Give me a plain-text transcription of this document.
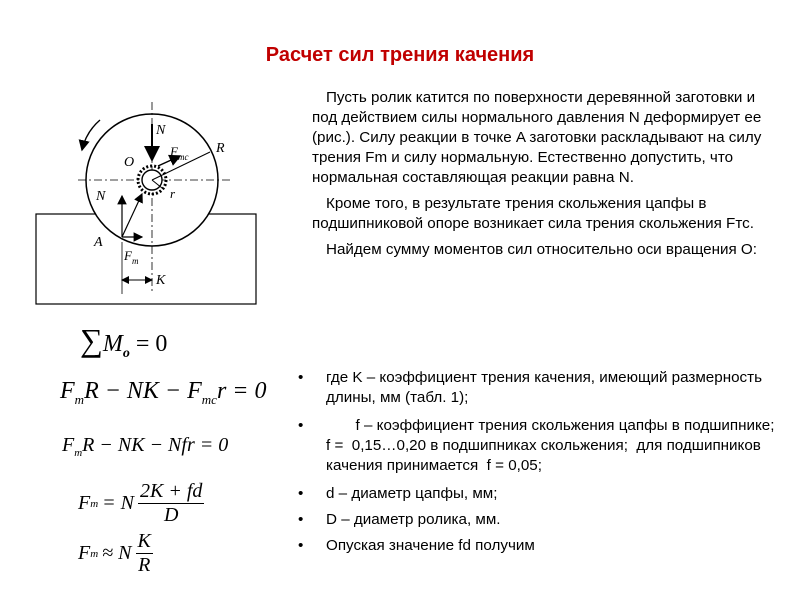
Расчет сил трения качения
N
F mc
R
O
r
N
A
F m
K
$\sum M_o = 0$
$F_mR$ − NK − $F_{mc}r = 0$
$F_mR$ − NK − Nfr = 0
F m = N
2K + fd
D
F m ≈ N
K
R

Пусть ролик катится по поверхности деревянной заготовки и под действием силы нормального давления N деформирует ее (рис.). Силу реакции в точке A заготовки раскладывают на силу трения Fm и силу нормальную. Естественно допустить, что нормальная составляющая реакции равна N.

Кроме того, в результате трения скольжения цапфы в подшипниковой опоре возникает сила трения скольжения Fтс.

Найдем сумму моментов сил относительно оси вращения O:

• где K – коэффициент трения качения, имеющий размерность длины, мм (табл. 1);
• f – коэффициент трения скольжения цапфы в подшипнике;  f =  0,15…0,20 в подшипниках скольжения;  для подшипников качения принимается  f = 0,05;
• d – диаметр цапфы, мм;
• D – диаметр ролика, мм.
• Опуская значение fd получим
